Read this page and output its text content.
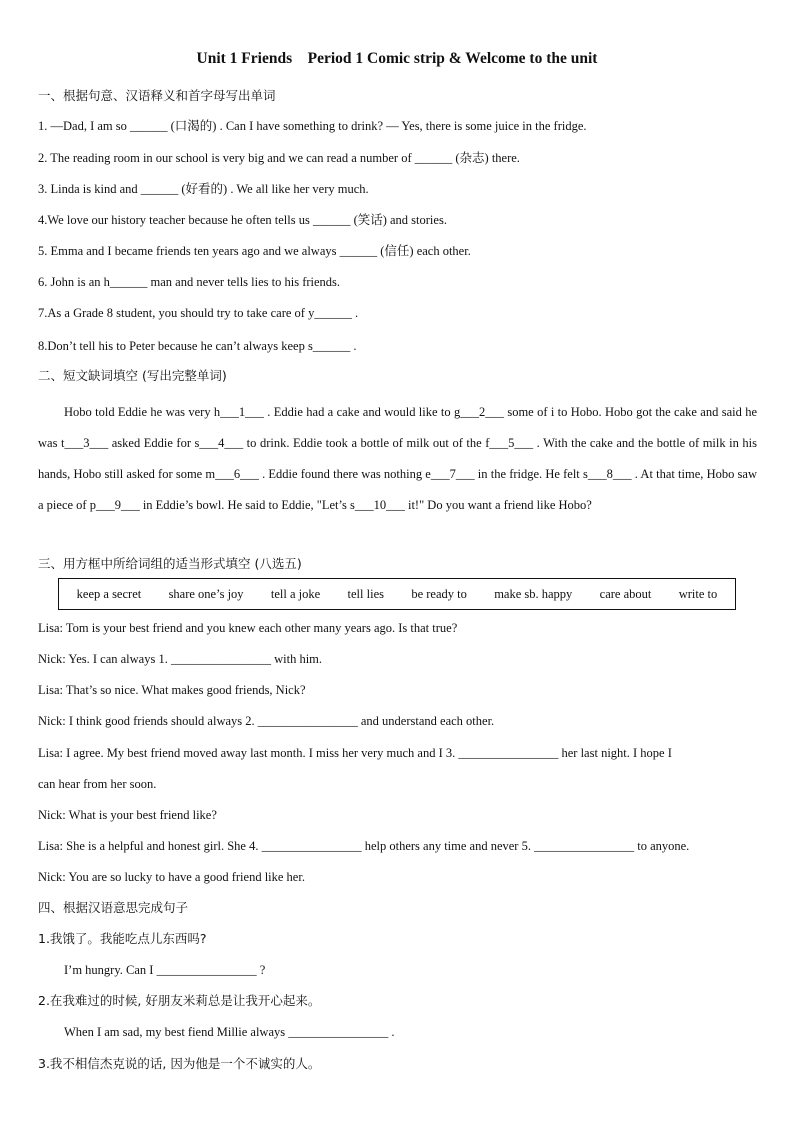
Unit 1 Friends    Period 1 Comic strip & Welcome to the unit
一、根据句意、汉语释义和首字母写出单词
1. —Dad, I am so ______ (口渴的) . Can I have something to drink? — Yes, there is some juice in the fridge.
2. The reading room in our school is very big and we can read a number of ______ (杂志) there.
3. Linda is kind and ______ (好看的) . We all like her very much.
4.We love our history teacher because he often tells us ______ (笑话) and stories.
5. Emma and I became friends ten years ago and we always ______ (信任) each other.
6. John is an h______ man and never tells lies to his friends.
7.As a Grade 8 student, you should try to take care of y______ .
8.Don’t tell his to Peter because he can’t always keep s______ .
二、短文缺词填空 (写出完整单词)
Hobo told Eddie he was very h___1___ . Eddie had a cake and would like to g___2___ some of i to Hobo. Hobo got the cake and said he was t___3___ asked Eddie for s___4___ to drink. Eddie took a bottle of milk out of the f___5___ . With the cake and the bottle of milk in his hands, Hobo still asked for some m___6___ . Eddie found there was nothing e___7___ in the fridge. He felt s___8___ . At that time, Hobo saw a piece of p___9___ in Eddie’s bowl. He said to Eddie, "Let’s s___10___ it!" Do you want a friend like Hobo?
三、用方框中所给词组的适当形式填空 (八选五)
keep a secret share one’s joy tell a joke tell lies be ready to make sb. happy care about write to
Lisa: Tom is your best friend and you knew each other many years ago. Is that true?
Nick: Yes. I can always 1. ________________ with him.
Lisa: That’s so nice. What makes good friends, Nick?
Nick: I think good friends should always 2. ________________ and understand each other.
Lisa: I agree. My best friend moved away last month. I miss her very much and I 3. ________________ her last night. I hope I
can hear from her soon.
Nick: What is your best friend like?
Lisa: She is a helpful and honest girl. She 4. ________________ help others any time and never 5. ________________ to anyone.
Nick: You are so lucky to have a good friend like her.
四、根据汉语意思完成句子
1.我饿了。我能吃点儿东西吗?
I’m hungry. Can I ________________ ?
2.在我难过的时候, 好朋友米莉总是让我开心起来。
When I am sad, my best fiend Millie always ________________ .
3.我不相信杰克说的话, 因为他是一个不诚实的人。
